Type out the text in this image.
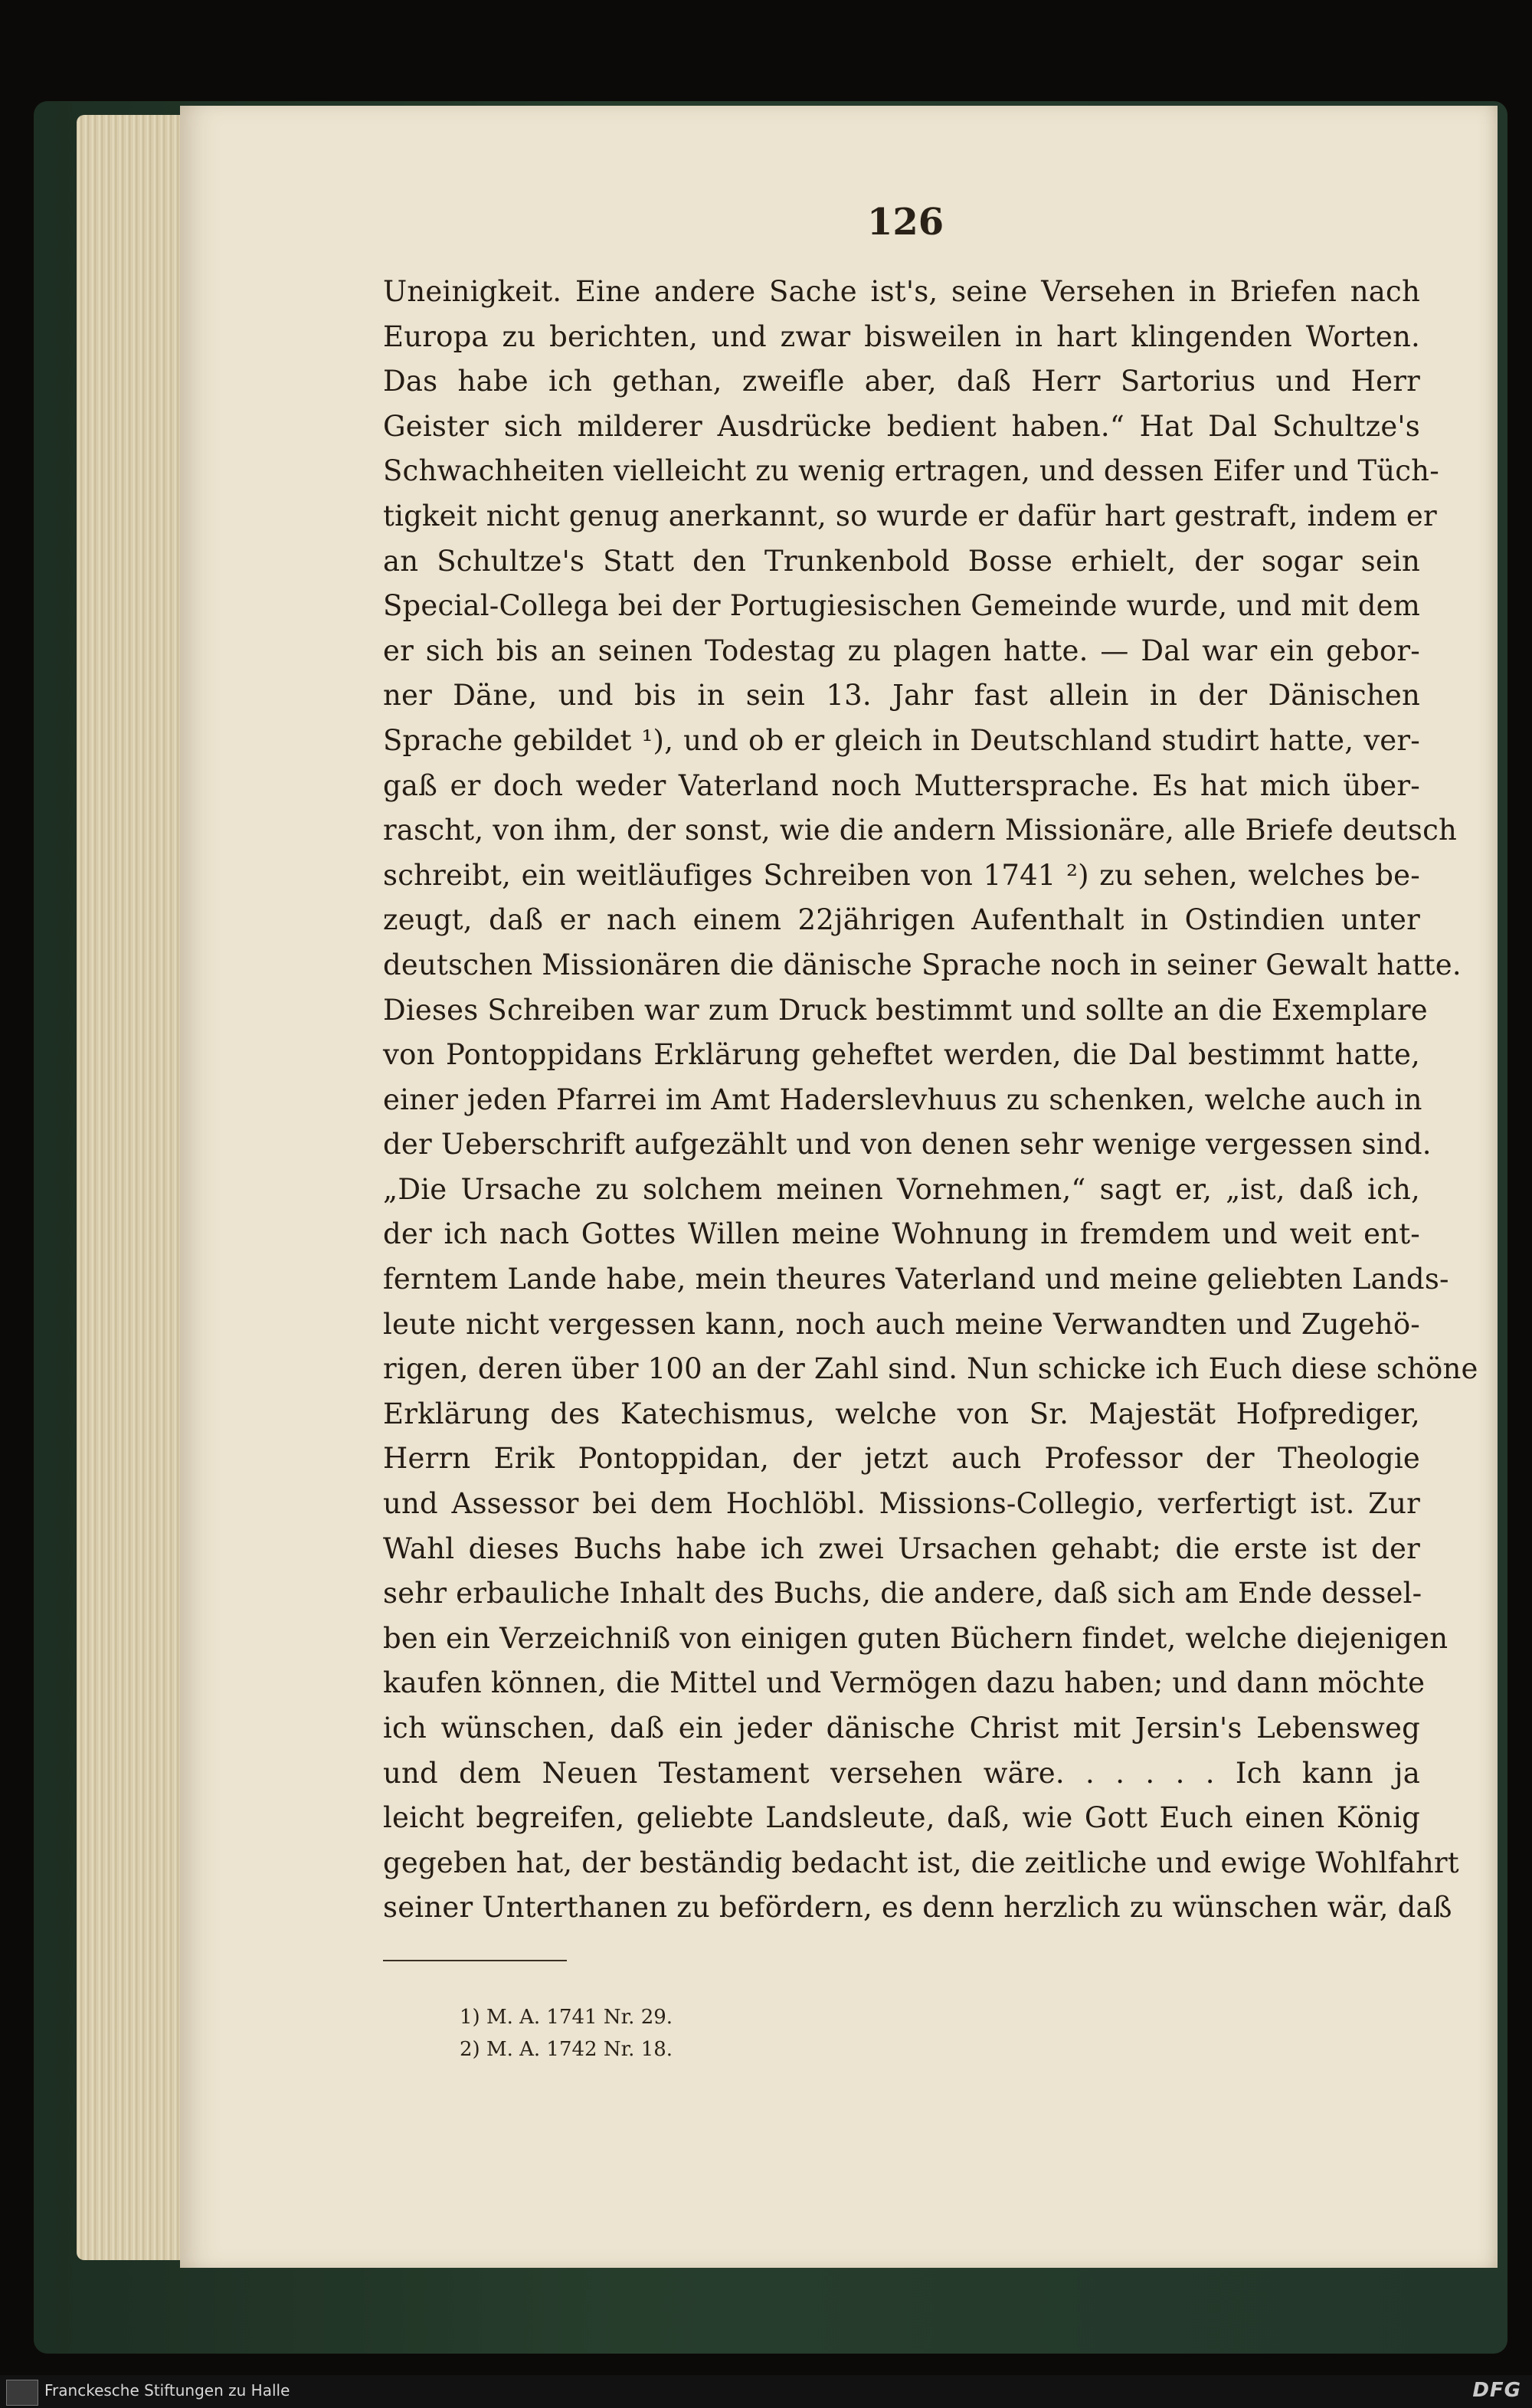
126
Uneinigkeit. Eine andere Sache ist's, seine Versehen in Briefen nach
Europa zu berichten, und zwar bisweilen in hart klingenden Worten.
Das habe ich gethan, zweifle aber, daß Herr Sartorius und Herr
Geister sich milderer Ausdrücke bedient haben.“ Hat Dal Schultze's
Schwachheiten vielleicht zu wenig ertragen, und dessen Eifer und Tüch-
tigkeit nicht genug anerkannt, so wurde er dafür hart gestraft, indem er
an Schultze's Statt den Trunkenbold Bosse erhielt, der sogar sein
Special-Collega bei der Portugiesischen Gemeinde wurde, und mit dem
er sich bis an seinen Todestag zu plagen hatte. — Dal war ein gebor-
ner Däne, und bis in sein 13. Jahr fast allein in der Dänischen
Sprache gebildet ¹), und ob er gleich in Deutschland studirt hatte, ver-
gaß er doch weder Vaterland noch Muttersprache. Es hat mich über-
rascht, von ihm, der sonst, wie die andern Missionäre, alle Briefe deutsch
schreibt, ein weitläufiges Schreiben von 1741 ²) zu sehen, welches be-
zeugt, daß er nach einem 22jährigen Aufenthalt in Ostindien unter
deutschen Missionären die dänische Sprache noch in seiner Gewalt hatte.
Dieses Schreiben war zum Druck bestimmt und sollte an die Exemplare
von Pontoppidans Erklärung geheftet werden, die Dal bestimmt hatte,
einer jeden Pfarrei im Amt Haderslevhuus zu schenken, welche auch in
der Ueberschrift aufgezählt und von denen sehr wenige vergessen sind.
„Die Ursache zu solchem meinen Vornehmen,“ sagt er, „ist, daß ich,
der ich nach Gottes Willen meine Wohnung in fremdem und weit ent-
ferntem Lande habe, mein theures Vaterland und meine geliebten Lands-
leute nicht vergessen kann, noch auch meine Verwandten und Zugehö-
rigen, deren über 100 an der Zahl sind. Nun schicke ich Euch diese schöne
Erklärung des Katechismus, welche von Sr. Majestät Hofprediger,
Herrn Erik Pontoppidan, der jetzt auch Professor der Theologie
und Assessor bei dem Hochlöbl. Missions-Collegio, verfertigt ist. Zur
Wahl dieses Buchs habe ich zwei Ursachen gehabt; die erste ist der
sehr erbauliche Inhalt des Buchs, die andere, daß sich am Ende dessel-
ben ein Verzeichniß von einigen guten Büchern findet, welche diejenigen
kaufen können, die Mittel und Vermögen dazu haben; und dann möchte
ich wünschen, daß ein jeder dänische Christ mit Jersin's Lebensweg
und dem Neuen Testament versehen wäre. . . . . . Ich kann ja
leicht begreifen, geliebte Landsleute, daß, wie Gott Euch einen König
gegeben hat, der beständig bedacht ist, die zeitliche und ewige Wohlfahrt
seiner Unterthanen zu befördern, es denn herzlich zu wünschen wär, daß
1) M. A. 1741 Nr. 29.
2) M. A. 1742 Nr. 18.
Franckesche Stiftungen zu Halle	DFG
